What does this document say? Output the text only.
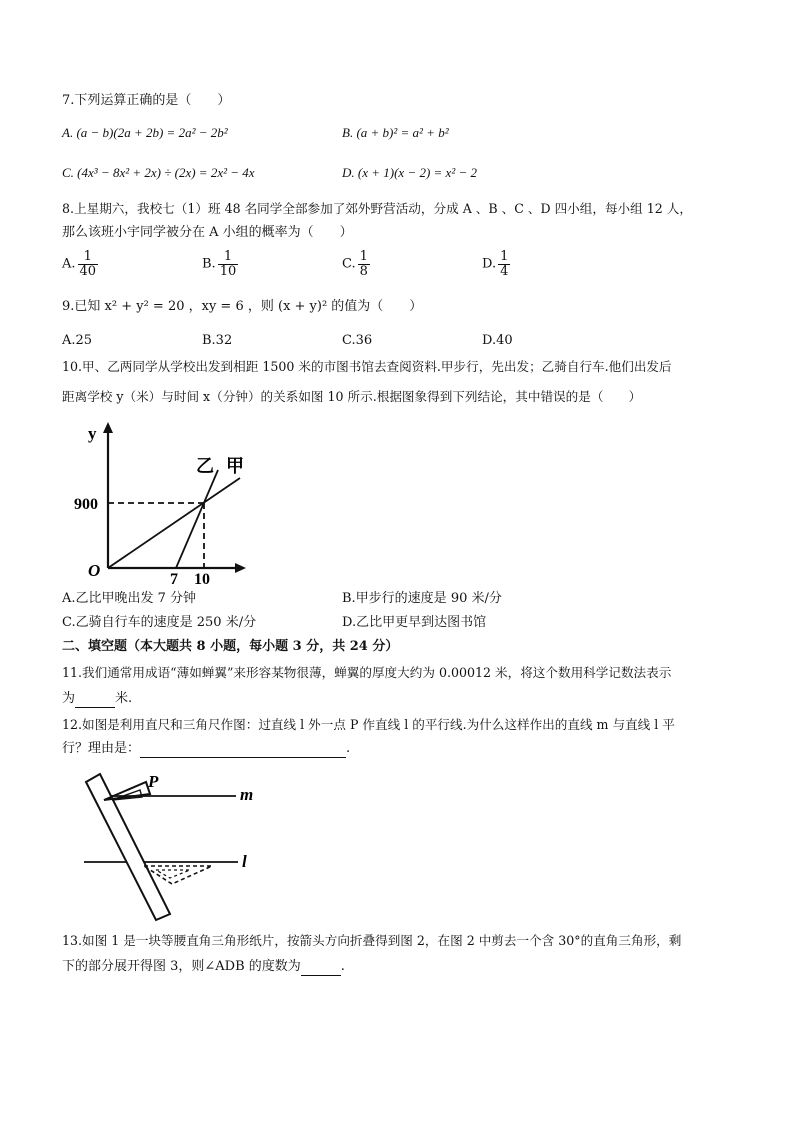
7.下列运算正确的是（　　）
A. (a − b)(2a + 2b) = 2a² − 2b²	B. (a + b)² = a² + b²
C. (4x³ − 8x² + 2x) ÷ (2x) = 2x² − 4x	D. (x + 1)(x − 2) = x² − 2
8.上星期六，我校七（1）班 48 名同学全部参加了郊外野营活动，分成 A 、B 、C 、D 四小组，每小组 12 人，
那么该班小宇同学被分在 A 小组的概率为（　　）
A. $\frac{1}{40}$	B. $\frac{1}{10}$	C. $\frac{1}{8}$	D. $\frac{1}{4}$
9.已知 x² + y² = 20 ，xy = 6 ，则 (x + y)² 的值为（　　）
A.25	B.32	C.36	D.40
10.甲、乙两同学从学校出发到相距 1500 米的市图书馆去查阅资料.甲步行，先出发；乙骑自行车.他们出发后
距离学校 y（米）与时间 x（分钟）的关系如图 10 所示.根据图象得到下列结论，其中错误的是（　　）
y
O
900
7 10
乙 甲
A.乙比甲晚出发 7 分钟	B.甲步行的速度是 90 米/分
C.乙骑自行车的速度是 250 米/分	D.乙比甲更早到达图书馆
二、填空题（本大题共 8 小题，每小题 3 分，共 24 分）
11.我们通常用成语“薄如蝉翼”来形容某物很薄，蝉翼的厚度大约为 0.00012 米，将这个数用科学记数法表示
为	米.
12.如图是利用直尺和三角尺作图：过直线 l 外一点 P 作直线 l 的平行线.为什么这样作出的直线 m 与直线 l 平
行？理由是：	.
P
m
l
13.如图 1 是一块等腰直角三角形纸片，按箭头方向折叠得到图 2，在图 2 中剪去一个含 30°的直角三角形，剩
下的部分展开得图 3，则∠ADB 的度数为	.
